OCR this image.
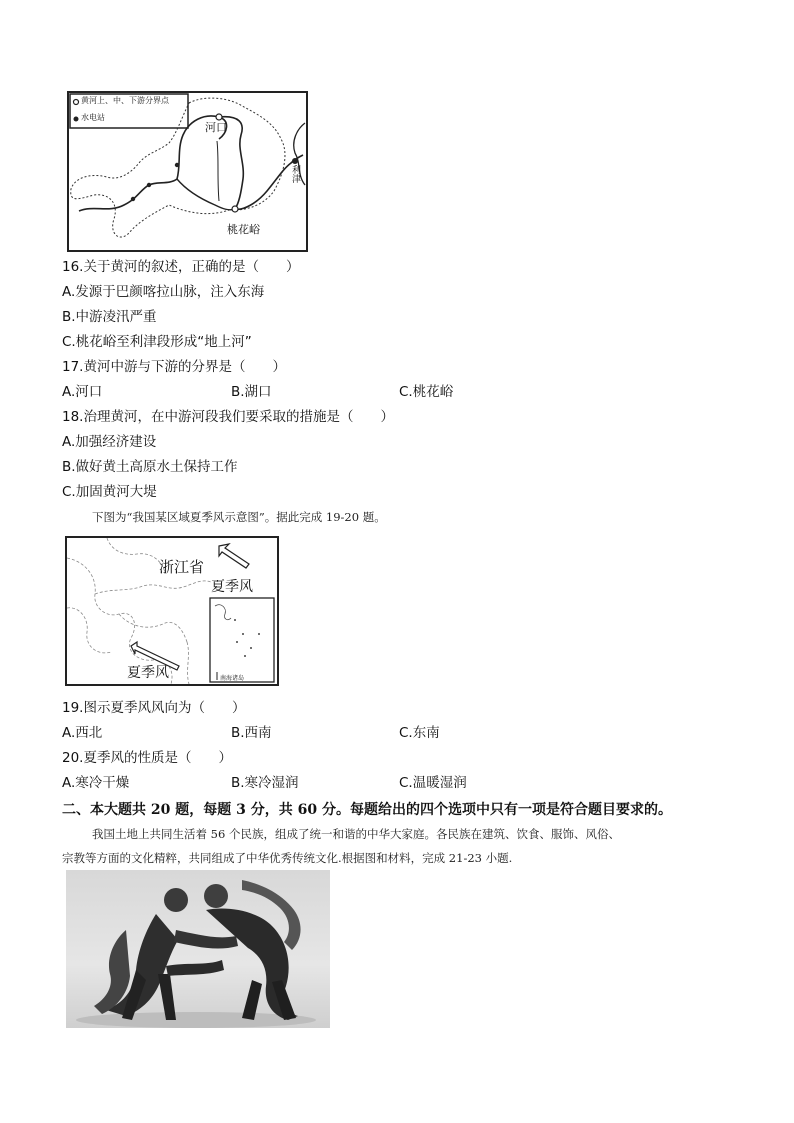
黄河上、中、下游分界点
水电站
河口
桃花峪
利津
16.关于黄河的叙述，正确的是（　　）
A.发源于巴颜喀拉山脉，注入东海
B.中游凌汛严重
C.桃花峪至利津段形成“地上河”
17.黄河中游与下游的分界是（　　）
A.河口	B.湖口	C.桃花峪
18.治理黄河，在中游河段我们要采取的措施是（　　）
A.加强经济建设
B.做好黄土高原水土保持工作
C.加固黄河大堤
下图为“我国某区域夏季风示意图”。据此完成 19-20 题。
浙江省
夏季风
夏季风	南海诸岛
19.图示夏季风风向为（　　）
A.西北	B.西南	C.东南
20.夏季风的性质是（　　）
A.寒冷干燥	B.寒冷湿润	C.温暖湿润
二、本大题共 20 题，每题 3 分，共 60 分。每题给出的四个选项中只有一项是符合题目要求的。
我国土地上共同生活着 56 个民族，组成了统一和谐的中华大家庭。各民族在建筑、饮食、服饰、风俗、
宗教等方面的文化精粹，共同组成了中华优秀传统文化.根据图和材料，完成 21-23 小题.
